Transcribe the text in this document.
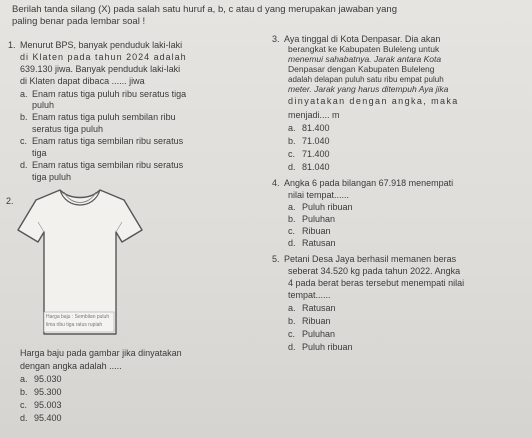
Berilah tanda silang (X) pada salah satu huruf a, b, c atau d yang merupakan jawaban yang
paling benar pada lembar soal !
1. Menurut BPS, banyak penduduk laki-laki
di Klaten pada tahun 2024 adalah
639.130 jiwa. Banyak penduduk laki-laki
di Klaten dapat dibaca ...... jiwa
a. Enam ratus tiga puluh ribu seratus tiga
puluh
b. Enam ratus tiga puluh sembilan ribu
seratus tiga puluh
c. Enam ratus tiga sembilan ribu seratus
tiga
d. Enam ratus tiga sembilan ribu seratus
tiga puluh
2.
Harga baju : Sembilan puluh
lima ribu tiga ratus rupiah
Harga baju pada gambar jika dinyatakan
dengan angka adalah .....
a. 95.030
b. 95.300
c. 95.003
d. 95.400
3. Aya tinggal di Kota Denpasar. Dia akan
berangkat ke Kabupaten Buleleng untuk
menemui sahabatnya. Jarak antara Kota
Denpasar dengan Kabupaten Buleleng
adalah delapan puluh satu ribu empat puluh
meter. Jarak yang harus ditempuh Aya jika
dinyatakan dengan angka, maka
menjadi.... m
a. 81.400
b. 71.040
c. 71.400
d. 81.040
4. Angka 6 pada bilangan 67.918 menempati
nilai tempat......
a. Puluh ribuan
b. Puluhan
c. Ribuan
d. Ratusan
5. Petani Desa Jaya berhasil memanen beras
seberat 34.520 kg pada tahun 2022. Angka
4 pada berat beras tersebut menempati nilai
tempat......
a. Ratusan
b. Ribuan
c. Puluhan
d. Puluh ribuan
